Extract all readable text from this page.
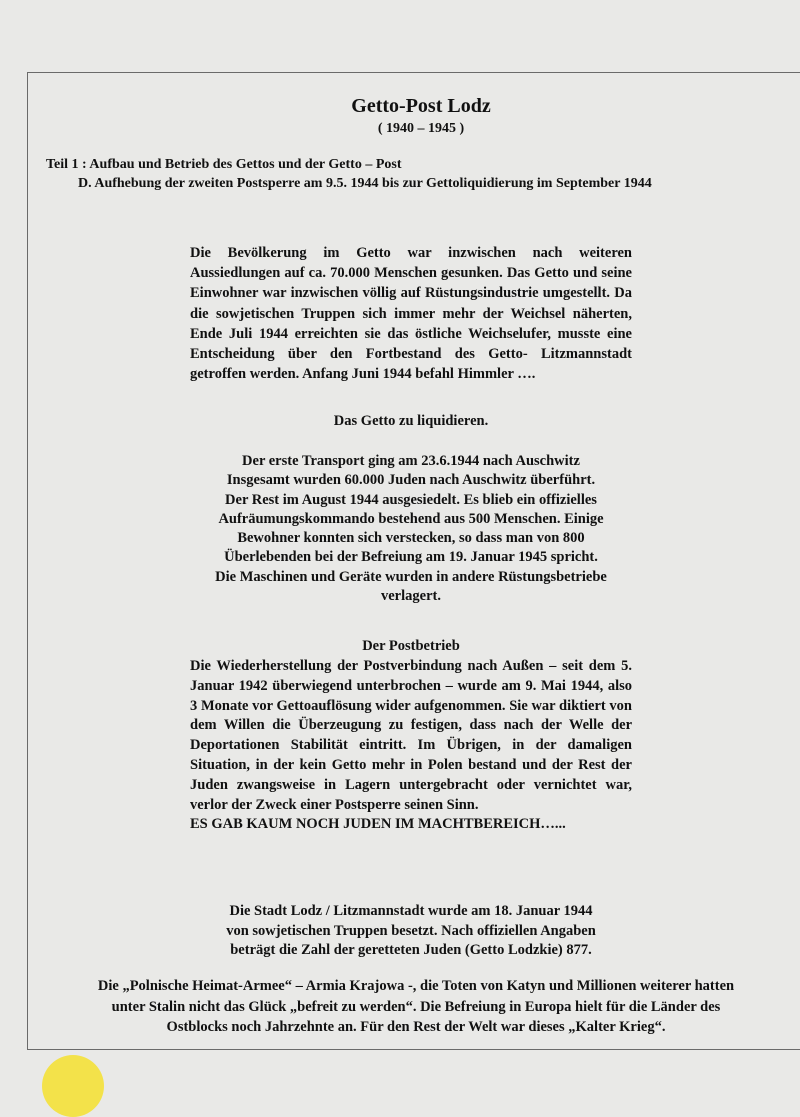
Getto-Post Lodz
( 1940 – 1945 )
Teil 1 : Aufbau und Betrieb des Gettos und der Getto – Post
D. Aufhebung der zweiten Postsperre am 9.5. 1944 bis zur Gettoliquidierung im September 1944
Die Bevölkerung im Getto war inzwischen nach weiteren Aussiedlungen auf ca. 70.000 Menschen gesunken. Das Getto und seine Einwohner war inzwischen völlig auf Rüstungsindustrie umgestellt. Da die sowjetischen Truppen sich immer mehr der Weichsel näherten, Ende Juli 1944 erreichten sie das östliche Weichselufer, musste eine Entscheidung über den Fortbestand des Getto- Litzmannstadt getroffen werden. Anfang Juni 1944 befahl Himmler ….
Das Getto zu liquidieren.
Der erste Transport ging am 23.6.1944 nach Auschwitz
Insgesamt wurden 60.000 Juden nach Auschwitz überführt.
Der Rest im August 1944 ausgesiedelt. Es blieb ein offizielles
Aufräumungskommando bestehend aus 500 Menschen. Einige
Bewohner konnten sich verstecken, so dass man von 800
Überlebenden bei der Befreiung am 19. Januar 1945 spricht.
Die Maschinen und Geräte wurden in andere Rüstungsbetriebe
verlagert.
Der Postbetrieb
Die Wiederherstellung der Postverbindung nach Außen – seit dem 5. Januar 1942 überwiegend unterbrochen – wurde am 9. Mai 1944, also 3 Monate vor Gettoauflösung wider aufgenommen. Sie war diktiert von dem Willen die Überzeugung zu festigen, dass nach der Welle der Deportationen Stabilität eintritt. Im Übrigen, in der damaligen Situation, in der kein Getto mehr in Polen bestand und der Rest der Juden zwangsweise in Lagern untergebracht oder vernichtet war, verlor der Zweck einer Postsperre seinen Sinn.
ES GAB KAUM NOCH JUDEN IM MACHTBEREICH…...
Die Stadt Lodz / Litzmannstadt wurde am 18. Januar 1944
von sowjetischen Truppen besetzt. Nach offiziellen Angaben
beträgt die Zahl der geretteten Juden (Getto Lodzkie) 877.
Die „Polnische Heimat-Armee“ – Armia Krajowa -, die Toten von Katyn und Millionen weiterer hatten
unter Stalin nicht das Glück „befreit zu werden“. Die Befreiung in Europa hielt für die Länder des
Ostblocks noch Jahrzehnte an. Für den Rest der Welt war dieses „Kalter Krieg“.
